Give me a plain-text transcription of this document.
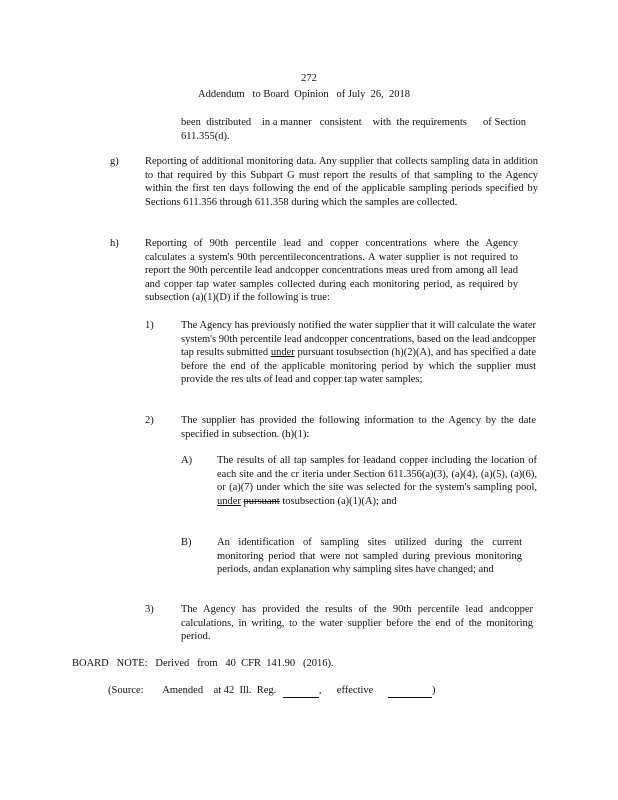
272
Addendum   to Board  Opinion   of July  26,  2018
been  distributed    in a manner   consistent    with  the requirements      of Section 611.355(d).
g)	Reporting of additional monitoring data. Any supplier that collects sampling data in addition to that required by this Subpart G must report the results of that sampling to the Agency within the first ten days following the end of the applicable sampling periods specified by Sections 611.356 through 611.358 during which the samples are collected.
h)	Reporting of 90th percentile lead and copper concentrations where the Agency calculates a system's 90th percentileconcentrations. A water supplier is not required to report the 90th percentile lead andcopper concentrations meas ured from among all lead and copper tap water samples collected during each monitoring period, as required by subsection (a)(1)(D) if the following is true:
1)	The Agency has previously notified the water supplier that it will calculate the water system's 90th percentile lead andcopper concentrations, based on the lead andcopper tap results submitted under pursuant tosubsection (h)(2)(A), and has specified a date before the end of the applicable monitoring period by which the supplier must provide the res ults of lead and copper tap water samples;
2)	The supplier has provided the following information to the Agency by the date specified in subsection. (h)(1):
A)	The results of all tap samples for leadand copper including the location of each site and the cr iteria under Section 611.356(a)(3), (a)(4), (a)(5), (a)(6), or (a)(7) under which the site was selected for the system's sampling pool, under pursuant tosubsection (a)(1)(A); and
B)	An identification of sampling sites utilized during the current monitoring period that were not sampled during previous monitoring periods, andan explanation why sampling sites have changed; and
3)	The Agency has provided the results of the 90th percentile lead andcopper calculations, in writing, to the water supplier before the end of the monitoring period.
BOARD   NOTE:   Derived   from   40  CFR  141.90   (2016).
(Source: Amended    at 42  Ill.  Reg.	, effective	)
